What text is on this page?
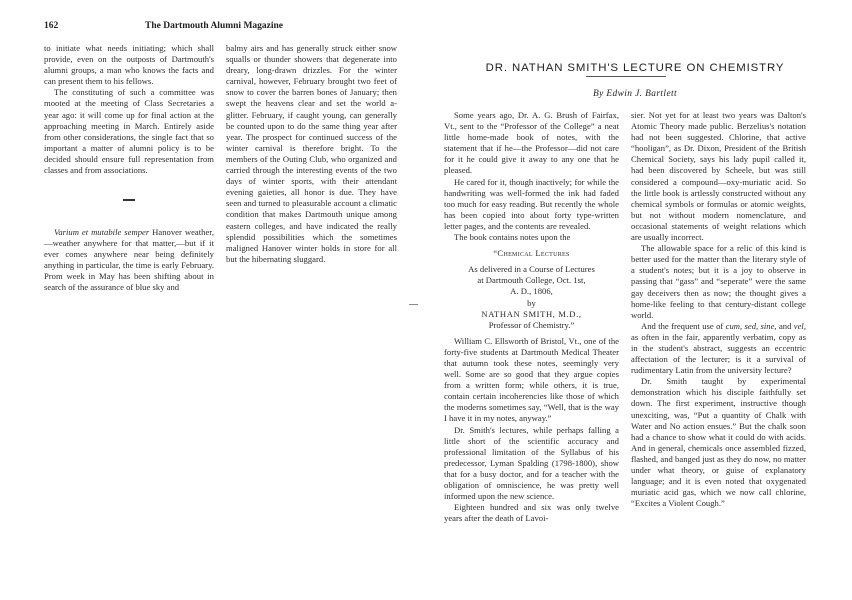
162	The Dartmouth Alumni Magazine

to initiate what needs initiating; which shall provide, even on the outposts of Dartmouth's alumni groups, a man who knows the facts and can present them to his fellows.

The constituting of such a committee was mooted at the meeting of Class Secretaries a year ago: it will come up for final action at the approaching meeting in March. Entirely aside from other considerations, the single fact that so important a matter of alumni policy is to be decided should ensure full representation from classes and from associations.

Varium et mutabile semper Hanover weather,—weather anywhere for that matter,—but if it ever comes anywhere near being definitely anything in particular, the time is early February. Prom week in May has been shifting about in search of the assurance of blue sky and

balmy airs and has generally struck either snow squalls or thunder showers that degenerate into dreary, long-drawn drizzles. For the winter carnival, however, February brought two feet of snow to cover the barren bones of January; then swept the heavens clear and set the world a-glitter. February, if caught young, can generally be counted upon to do the same thing year after year. The prospect for continued success of the winter carnival is therefore bright. To the members of the Outing Club, who organized and carried through the interesting events of the two days of winter sports, with their attendant evening gaieties, all honor is due. They have seen and turned to pleasurable account a climatic condition that makes Dartmouth unique among eastern colleges, and have indicated the really splendid possibilities which the sometimes maligned Hanover winter holds in store for all but the hibernating sluggard.

DR. NATHAN SMITH'S LECTURE ON CHEMISTRY
By Edwin J. Bartlett

Some years ago, Dr. A. G. Brush of Fairfax, Vt., sent to the “Professor of the College” a neat little home-made book of notes, with the statement that if he—the Professor—did not care for it he could give it away to any one that he pleased.

He cared for it, though inactively; for while the handwriting was well-formed the ink had faded too much for easy reading. But recently the whole has been copied into about forty type-written letter pages, and the contents are revealed.

The book contains notes upon the

“Chemical Lectures
As delivered in a Course of Lectures
at Dartmouth College, Oct. 1st,
A. D., 1806,
by
NATHAN SMITH, M.D.,
Professor of Chemistry.”

William C. Ellsworth of Bristol, Vt., one of the forty-five students at Dartmouth Medical Theater that autumn took these notes, seemingly very well. Some are so good that they argue copies from a written form; while others, it is true, contain certain incoherencies like those of which the moderns sometimes say, “Well, that is the way I have it in my notes, anyway.”

Dr. Smith's lectures, while perhaps falling a little short of the scientific accuracy and professional limitation of the Syllabus of his predecessor, Lyman Spalding (1798-1800), show that for a busy doctor, and for a teacher with the obligation of omniscience, he was pretty well informed upon the new science.

Eighteen hundred and six was only twelve years after the death of Lavoi-

sier. Not yet for at least two years was Dalton's Atomic Theory made public. Berzelius's notation had not been suggested. Chlorine, that active “hooligan”, as Dr. Dixon, President of the British Chemical Society, says his lady pupil called it, had been discovered by Scheele, but was still considered a compound—oxy-muriatic acid. So the little book is artlessly constructed without any chemical symbols or formulas or atomic weights, but not without modern nomenclature, and occasional statements of weight relations which are usually incorrect.

The allowable space for a relic of this kind is better used for the matter than the literary style of a student's notes; but it is a joy to observe in passing that “gass” and “seperate” were the same gay deceivers then as now; the thought gives a home-like feeling to that century-distant college world.

And the frequent use of cum, sed, sine, and vel, as often in the fair, apparently verbatim, copy as in the student's abstract, suggests an eccentric affectation of the lecturer; is it a survival of rudimentary Latin from the university lecture?

Dr. Smith taught by experimental demonstration which his disciple faithfully set down. The first experiment, instructive though unexciting, was, “Put a quantity of Chalk with Water and No action ensues.” But the chalk soon had a chance to show what it could do with acids. And in general, chemicals once assembled fizzed, flashed, and banged just as they do now, no matter under what theory, or guise of explanatory language; and it is even noted that oxygenated muriatic acid gas, which we now call chlorine, “Excites a Violent Cough.”
